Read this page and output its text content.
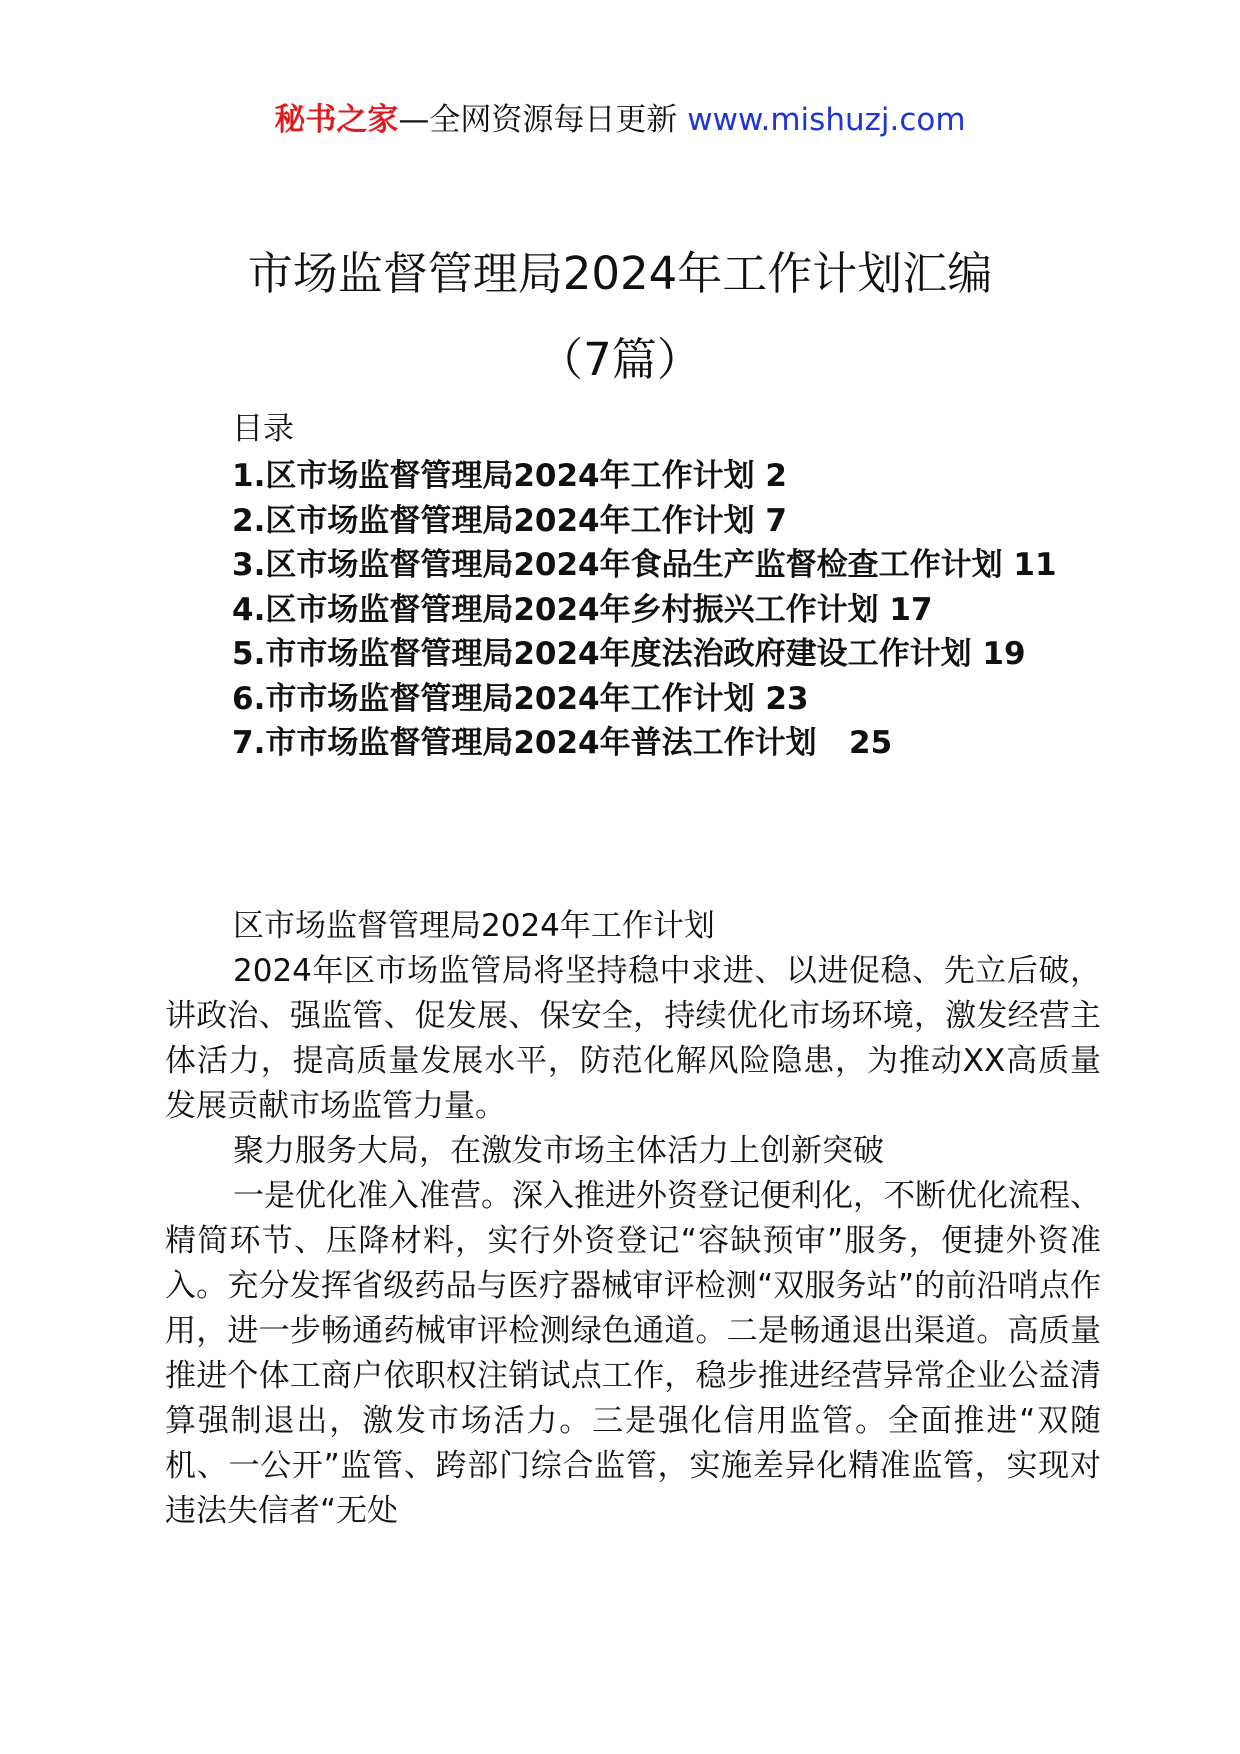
秘书之家—全网资源每日更新 www.mishuzj.com
市场监督管理局2024年工作计划汇编
（7篇）
目录
1.区市场监督管理局2024年工作计划 2
2.区市场监督管理局2024年工作计划 7
3.区市场监督管理局2024年食品生产监督检查工作计划 11
4.区市场监督管理局2024年乡村振兴工作计划 17
5.市市场监督管理局2024年度法治政府建设工作计划 19
6.市市场监督管理局2024年工作计划 23
7.市市场监督管理局2024年普法工作计划   25

区市场监督管理局2024年工作计划

2024年区市场监管局将坚持稳中求进、以进促稳、先立后破，讲政治、强监管、促发展、保安全，持续优化市场环境，激发经营主体活力，提高质量发展水平，防范化解风险隐患，为推动XX高质量发展贡献市场监管力量。

聚力服务大局，在激发市场主体活力上创新突破

一是优化准入准营。深入推进外资登记便利化，不断优化流程、精简环节、压降材料，实行外资登记“容缺预审”服务，便捷外资准入。充分发挥省级药品与医疗器械审评检测“双服务站”的前沿哨点作用，进一步畅通药械审评检测绿色通道。二是畅通退出渠道。高质量推进个体工商户依职权注销试点工作，稳步推进经营异常企业公益清算强制退出，激发市场活力。三是强化信用监管。全面推进“双随机、一公开”监管、跨部门综合监管，实施差异化精准监管，实现对违法失信者“无处
